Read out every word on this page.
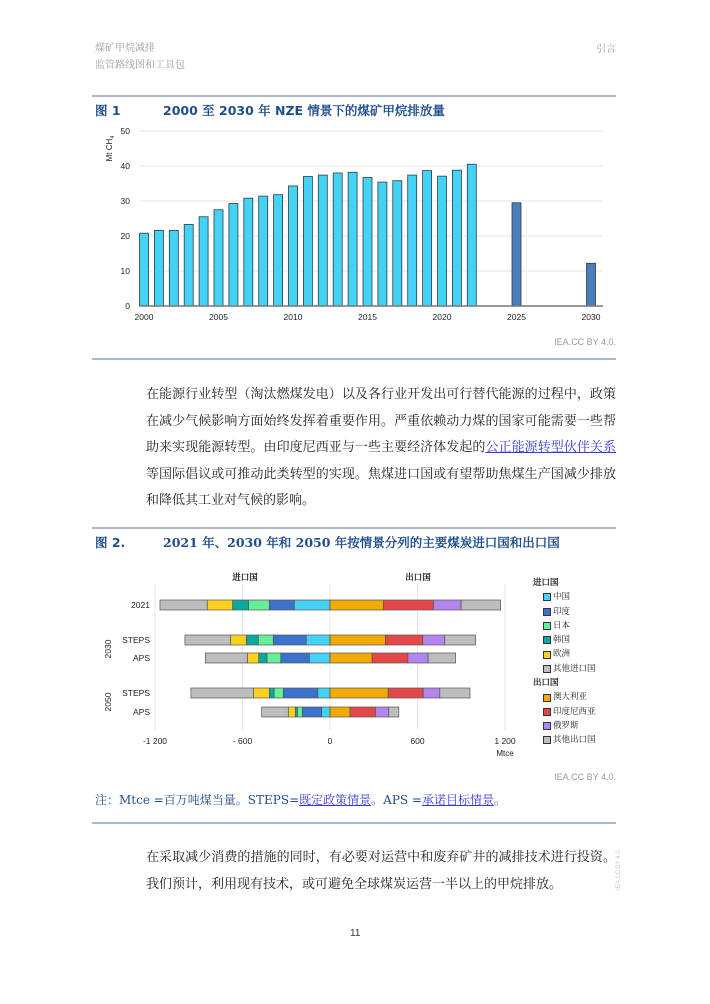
煤矿甲烷减排
监管路线图和工具包
引言
图 1	2000 至 2030 年 NZE 情景下的煤矿甲烷排放量
0
10
20
30
40
50
Mt $CH_4$
2000	2005	2010	2015	2020	2025	2030
IEA.CC BY 4.0.
在能源行业转型（淘汰燃煤发电）以及各行业开发出可行替代能源的过程中，政策在减少气候影响方面始终发挥着重要作用。严重依赖动力煤的国家可能需要一些帮助来实现能源转型。由印度尼西亚与一些主要经济体发起的公正能源转型伙伴关系等国际倡议或可推动此类转型的实现。焦煤进口国或有望帮助焦煤生产国减少排放和降低其工业对气候的影响。
图 2.	2021 年、2030 年和 2050 年按情景分列的主要煤炭进口国和出口国
-1 200	- 600	0	600	1 200
Mtce
进口国	出口国
2021
STEPS
APS
STEPS
APS
2030
2050
进口国
中国
印度
日本
韩国
欧洲
其他进口国
出口国
澳大利亚
印度尼西亚
俄罗斯
其他出口国
IEA.CC BY 4.0.
注：Mtce =百万吨煤当量。STEPS=既定政策情景。APS =承诺目标情景。
在采取减少消费的措施的同时，有必要对运营中和废弃矿井的减排技术进行投资。我们预计，利用现有技术，或可避免全球煤炭运营一半以上的甲烷排放。
11
IEA.CC BY 4.0.
